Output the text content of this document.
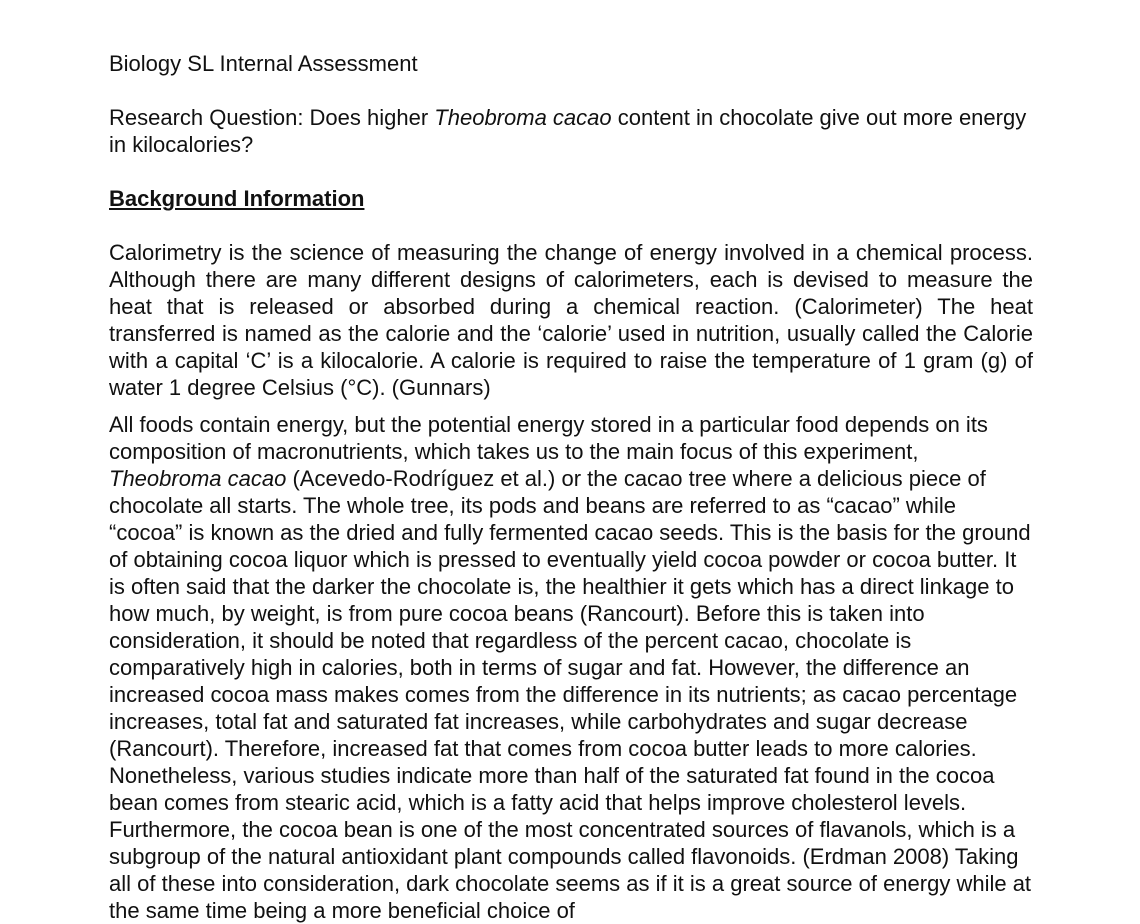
Biology SL Internal Assessment

Research Question: Does higher Theobroma cacao content in chocolate give out more energy in kilocalories?

Background Information

Calorimetry is the science of measuring the change of energy involved in a chemical process. Although there are many different designs of calorimeters, each is devised to measure the heat that is released or absorbed during a chemical reaction. (Calorimeter) The heat transferred is named as the calorie and the ‘calorie’ used in nutrition, usually called the Calorie with a capital ‘C’ is a kilocalorie. A calorie is required to raise the temperature of 1 gram (g) of water 1 degree Celsius (°C). (Gunnars)

All foods contain energy, but the potential energy stored in a particular food depends on its composition of macronutrients, which takes us to the main focus of this experiment, Theobroma cacao (Acevedo-Rodríguez et al.) or the cacao tree where a delicious piece of chocolate all starts. The whole tree, its pods and beans are referred to as “cacao” while “cocoa” is known as the dried and fully fermented cacao seeds. This is the basis for the ground of obtaining cocoa liquor which is pressed to eventually yield cocoa powder or cocoa butter. It is often said that the darker the chocolate is, the healthier it gets which has a direct linkage to how much, by weight, is from pure cocoa beans (Rancourt). Before this is taken into consideration, it should be noted that regardless of the percent cacao, chocolate is comparatively high in calories, both in terms of sugar and fat. However, the difference an increased cocoa mass makes comes from the difference in its nutrients; as cacao percentage increases, total fat and saturated fat increases, while carbohydrates and sugar decrease (Rancourt). Therefore, increased fat that comes from cocoa butter leads to more calories. Nonetheless, various studies indicate more than half of the saturated fat found in the cocoa bean comes from stearic acid, which is a fatty acid that helps improve cholesterol levels. Furthermore, the cocoa bean is one of the most concentrated sources of flavanols, which is a subgroup of the natural antioxidant plant compounds called flavonoids. (Erdman 2008) Taking all of these into consideration, dark chocolate seems as if it is a great source of energy while at the same time being a more beneficial choice of
